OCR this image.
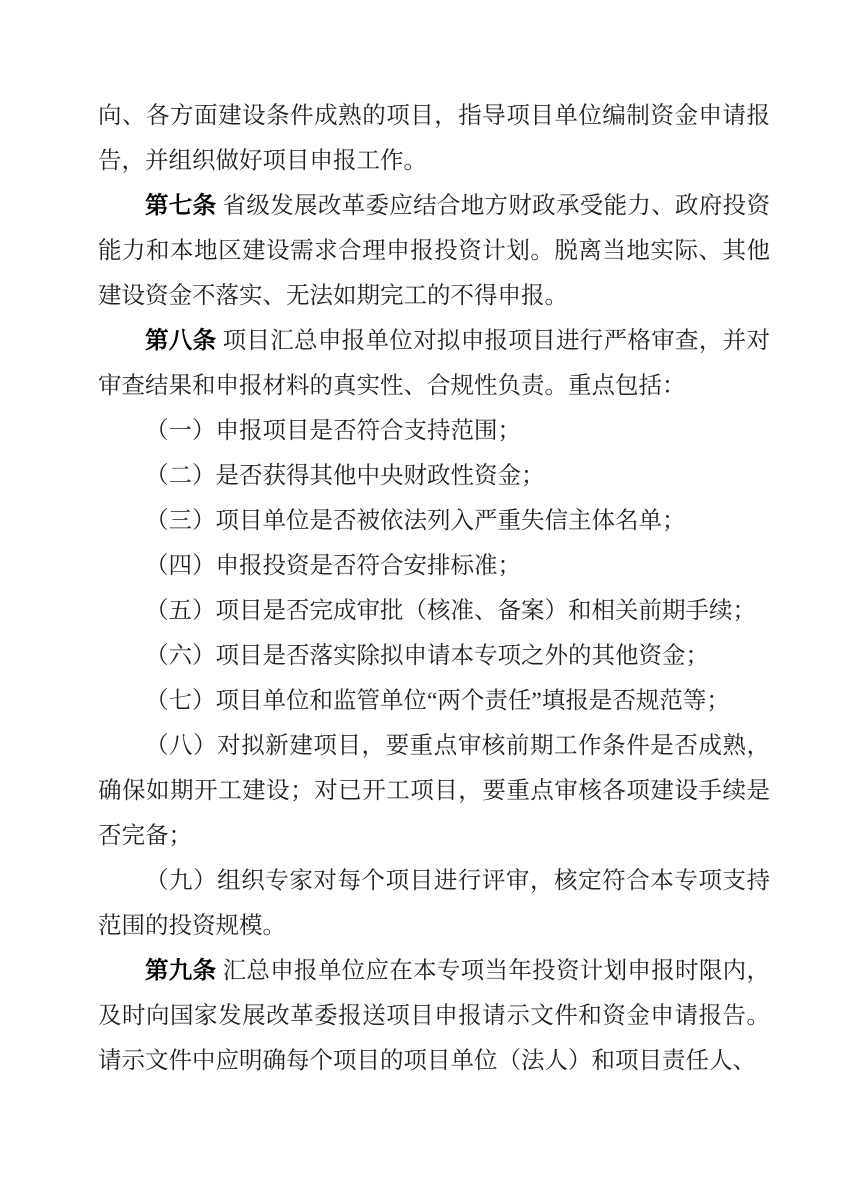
向、各方面建设条件成熟的项目，指导项目单位编制资金申请报告，并组织做好项目申报工作。

第七条 省级发展改革委应结合地方财政承受能力、政府投资能力和本地区建设需求合理申报投资计划。脱离当地实际、其他建设资金不落实、无法如期完工的不得申报。

第八条 项目汇总申报单位对拟申报项目进行严格审查，并对审查结果和申报材料的真实性、合规性负责。重点包括：

（一）申报项目是否符合支持范围；

（二）是否获得其他中央财政性资金；

（三）项目单位是否被依法列入严重失信主体名单；

（四）申报投资是否符合安排标准；

（五）项目是否完成审批（核准、备案）和相关前期手续；

（六）项目是否落实除拟申请本专项之外的其他资金；

（七）项目单位和监管单位“两个责任”填报是否规范等；

（八）对拟新建项目，要重点审核前期工作条件是否成熟，确保如期开工建设；对已开工项目，要重点审核各项建设手续是否完备；

（九）组织专家对每个项目进行评审，核定符合本专项支持范围的投资规模。

第九条 汇总申报单位应在本专项当年投资计划申报时限内，及时向国家发展改革委报送项目申报请示文件和资金申请报告。请示文件中应明确每个项目的项目单位（法人）和项目责任人、
